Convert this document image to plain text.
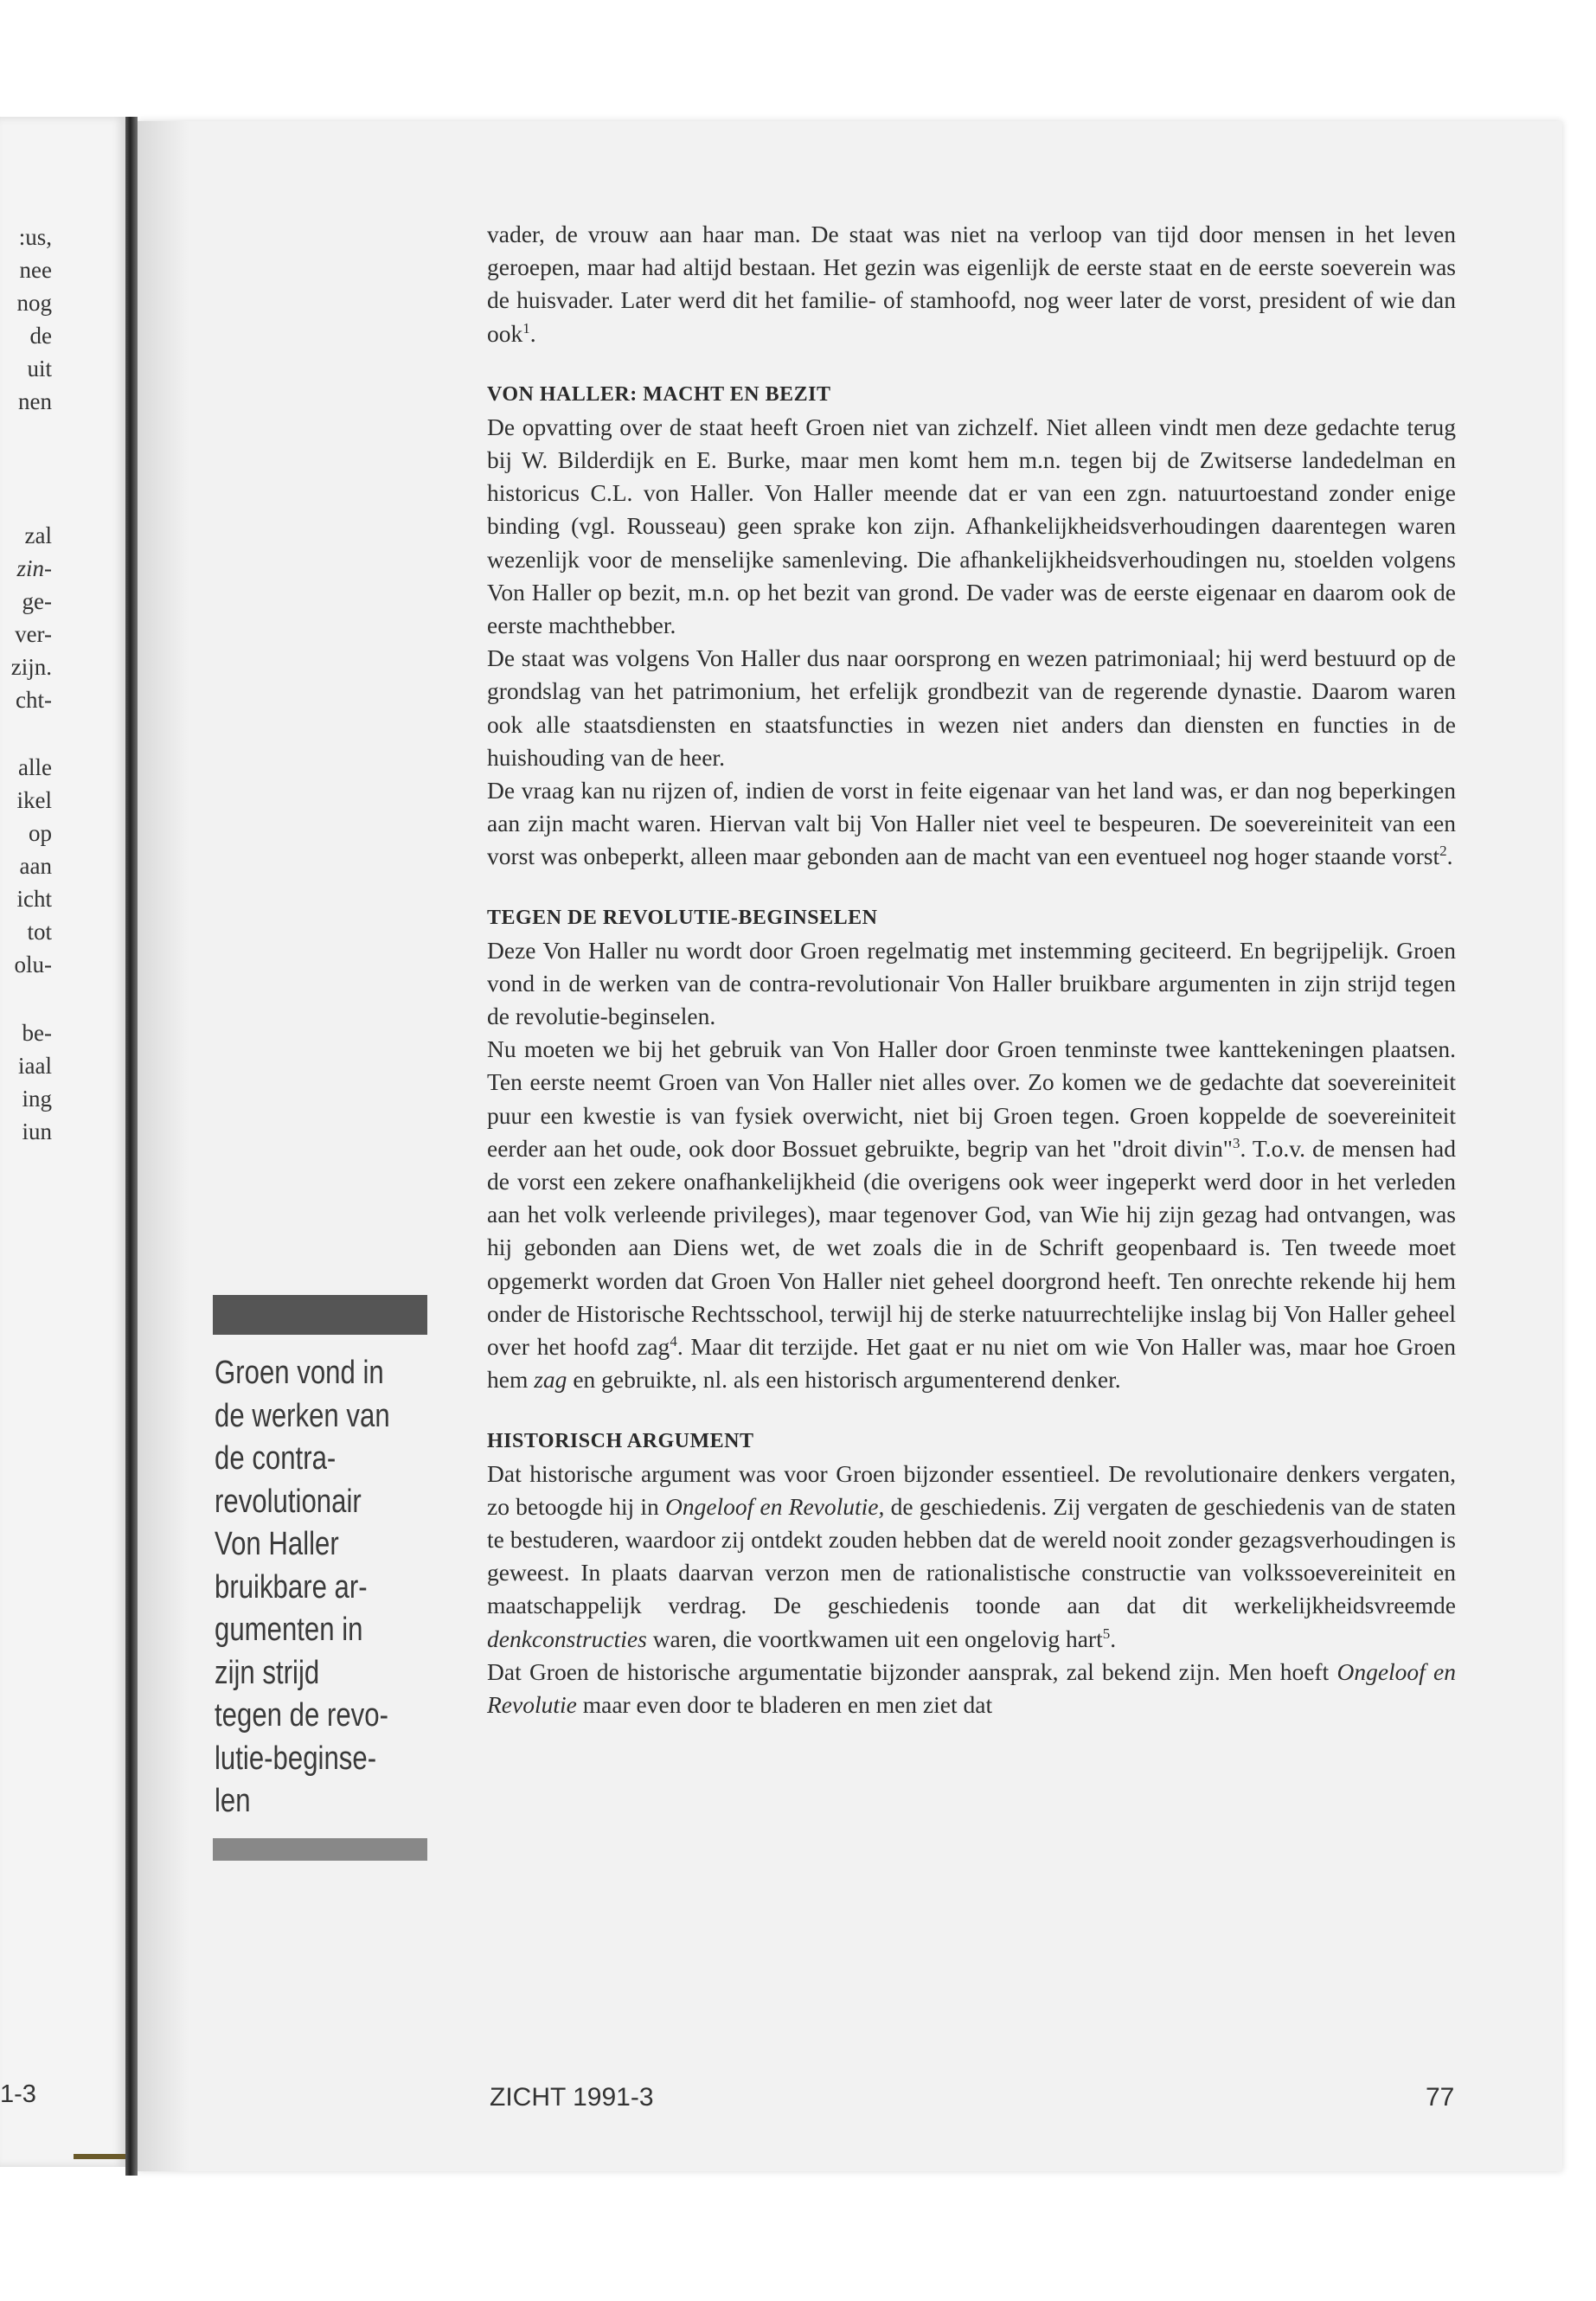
:us,
nee
nog
de
uit
nen
zal
zin-
ge-
ver-
zijn.
cht-
alle
ikel
op
aan
icht
tot
olu-
be-
iaal
ing
iun
1-3
Groen vond in
de werken van
de contra-
revolutionair
Von Haller
bruikbare ar-
gumenten in
zijn strijd
tegen de revo-
lutie-beginse-
len

vader, de vrouw aan haar man. De staat was niet na verloop van tijd door mensen in het leven geroepen, maar had altijd bestaan. Het gezin was eigenlijk de eerste staat en de eerste soeverein was de huisvader. Later werd dit het familie- of stamhoofd, nog weer later de vorst, president of wie dan ook$^1$.

VON HALLER: MACHT EN BEZIT

De opvatting over de staat heeft Groen niet van zichzelf. Niet alleen vindt men deze gedachte terug bij W. Bilderdijk en E. Burke, maar men komt hem m.n. tegen bij de Zwitserse landedelman en historicus C.L. von Haller. Von Haller meende dat er van een zgn. natuurtoestand zonder enige binding (vgl. Rousseau) geen sprake kon zijn. Afhankelijkheidsverhoudingen daarentegen waren wezenlijk voor de menselijke samenleving. Die afhankelijkheidsverhoudingen nu, stoelden volgens Von Haller op bezit, m.n. op het bezit van grond. De vader was de eerste eigenaar en daarom ook de eerste machthebber.

De staat was volgens Von Haller dus naar oorsprong en wezen patrimoniaal; hij werd bestuurd op de grondslag van het patrimonium, het erfelijk grondbezit van de regerende dynastie. Daarom waren ook alle staatsdiensten en staatsfuncties in wezen niet anders dan diensten en functies in de huishouding van de heer.

De vraag kan nu rijzen of, indien de vorst in feite eigenaar van het land was, er dan nog beperkingen aan zijn macht waren. Hiervan valt bij Von Haller niet veel te bespeuren. De soevereiniteit van een vorst was onbeperkt, alleen maar gebonden aan de macht van een eventueel nog hoger staande vorst$^2$.

TEGEN DE REVOLUTIE-BEGINSELEN

Deze Von Haller nu wordt door Groen regelmatig met instemming geciteerd. En begrijpelijk. Groen vond in de werken van de contra-revolutionair Von Haller bruikbare argumenten in zijn strijd tegen de revolutie-beginselen.

Nu moeten we bij het gebruik van Von Haller door Groen tenminste twee kanttekeningen plaatsen. Ten eerste neemt Groen van Von Haller niet alles over. Zo komen we de gedachte dat soevereiniteit puur een kwestie is van fysiek overwicht, niet bij Groen tegen. Groen koppelde de soevereiniteit eerder aan het oude, ook door Bossuet gebruikte, begrip van het "droit divin"$^3$. T.o.v. de mensen had de vorst een zekere onafhankelijkheid (die overigens ook weer ingeperkt werd door in het verleden aan het volk verleende privileges), maar tegenover God, van Wie hij zijn gezag had ontvangen, was hij gebonden aan Diens wet, de wet zoals die in de Schrift geopenbaard is. Ten tweede moet opgemerkt worden dat Groen Von Haller niet geheel doorgrond heeft. Ten onrechte rekende hij hem onder de Historische Rechtsschool, terwijl hij de sterke natuurrechtelijke inslag bij Von Haller geheel over het hoofd zag$^4$. Maar dit terzijde. Het gaat er nu niet om wie Von Haller was, maar hoe Groen hem zag en gebruikte, nl. als een historisch argumenterend denker.

HISTORISCH ARGUMENT

Dat historische argument was voor Groen bijzonder essentieel. De revolutionaire denkers vergaten, zo betoogde hij in Ongeloof en Revolutie, de geschiedenis. Zij vergaten de geschiedenis van de staten te bestuderen, waardoor zij ontdekt zouden hebben dat de wereld nooit zonder gezagsverhoudingen is geweest. In plaats daarvan verzon men de rationalistische constructie van volkssoevereiniteit en maatschappelijk verdrag. De geschiedenis toonde aan dat dit werkelijkheidsvreemde denkconstructies waren, die voortkwamen uit een ongelovig hart$^5$.

Dat Groen de historische argumentatie bijzonder aansprak, zal bekend zijn. Men hoeft Ongeloof en Revolutie maar even door te bladeren en men ziet dat

ZICHT 1991-3	77
